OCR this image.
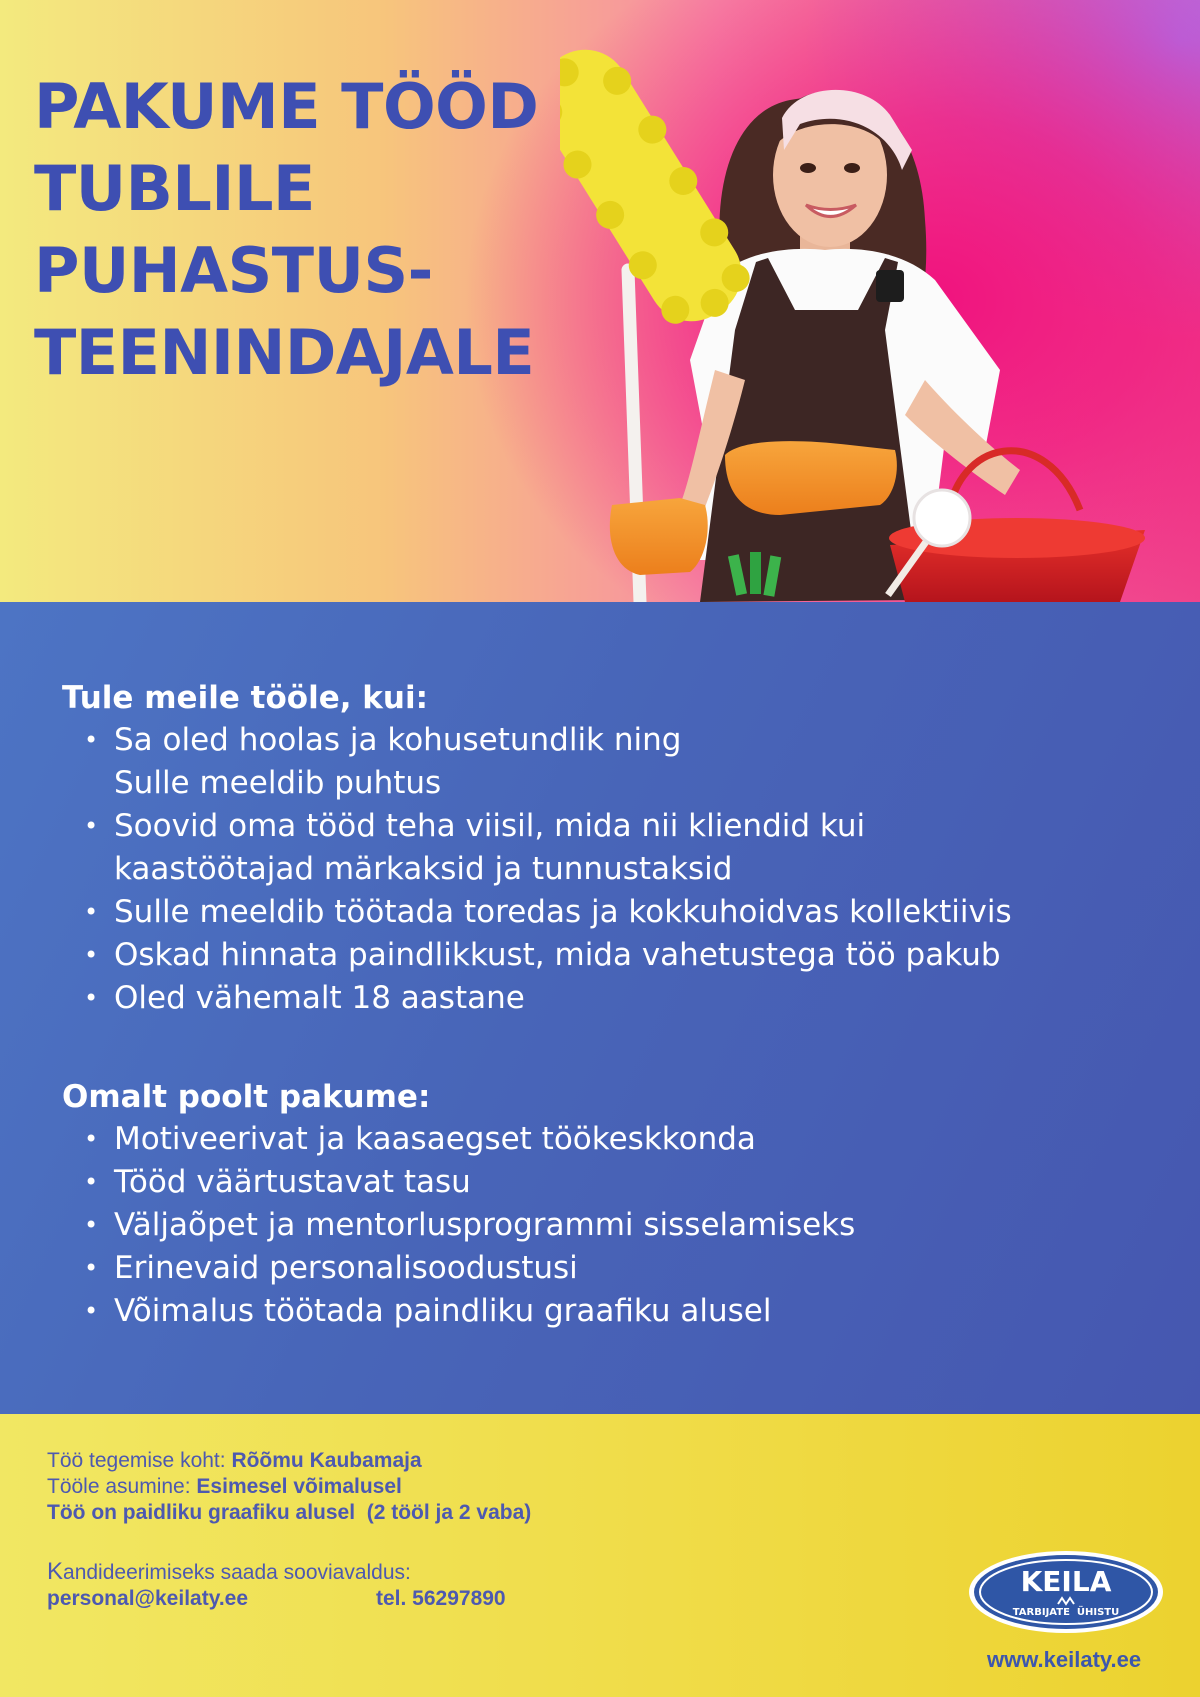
PAKUME TÖÖD
TUBLILE
PUHASTUS-
TEENINDAJALE
Tule meile tööle, kui:
• Sa oled hoolas ja kohusetundlik ning
Sulle meeldib puhtus
• Soovid oma tööd teha viisil, mida nii kliendid kui
kaastöötajad märkaksid ja tunnustaksid
• Sulle meeldib töötada toredas ja kokkuhoidvas kollektiivis
• Oskad hinnata paindlikkust, mida vahetustega töö pakub
• Oled vähemalt 18 aastane
Omalt poolt pakume:
• Motiveerivat ja kaasaegset töökeskkonda
• Tööd väärtustavat tasu
• Väljaõpet ja mentorlusprogrammi sisselamiseks
• Erinevaid personalisoodustusi
• Võimalus töötada paindliku graafiku alusel
Töö tegemise koht: Rõõmu Kaubamaja
Tööle asumine: Esimesel võimalusel
Töö on paidliku graafiku alusel  (2 tööl ja 2 vaba)
Kandideerimiseks saada sooviavaldus:
personal@keilaty.ee	tel. 56297890
KEILA
TARBIJATE  ÜHISTU
www.keilaty.ee
